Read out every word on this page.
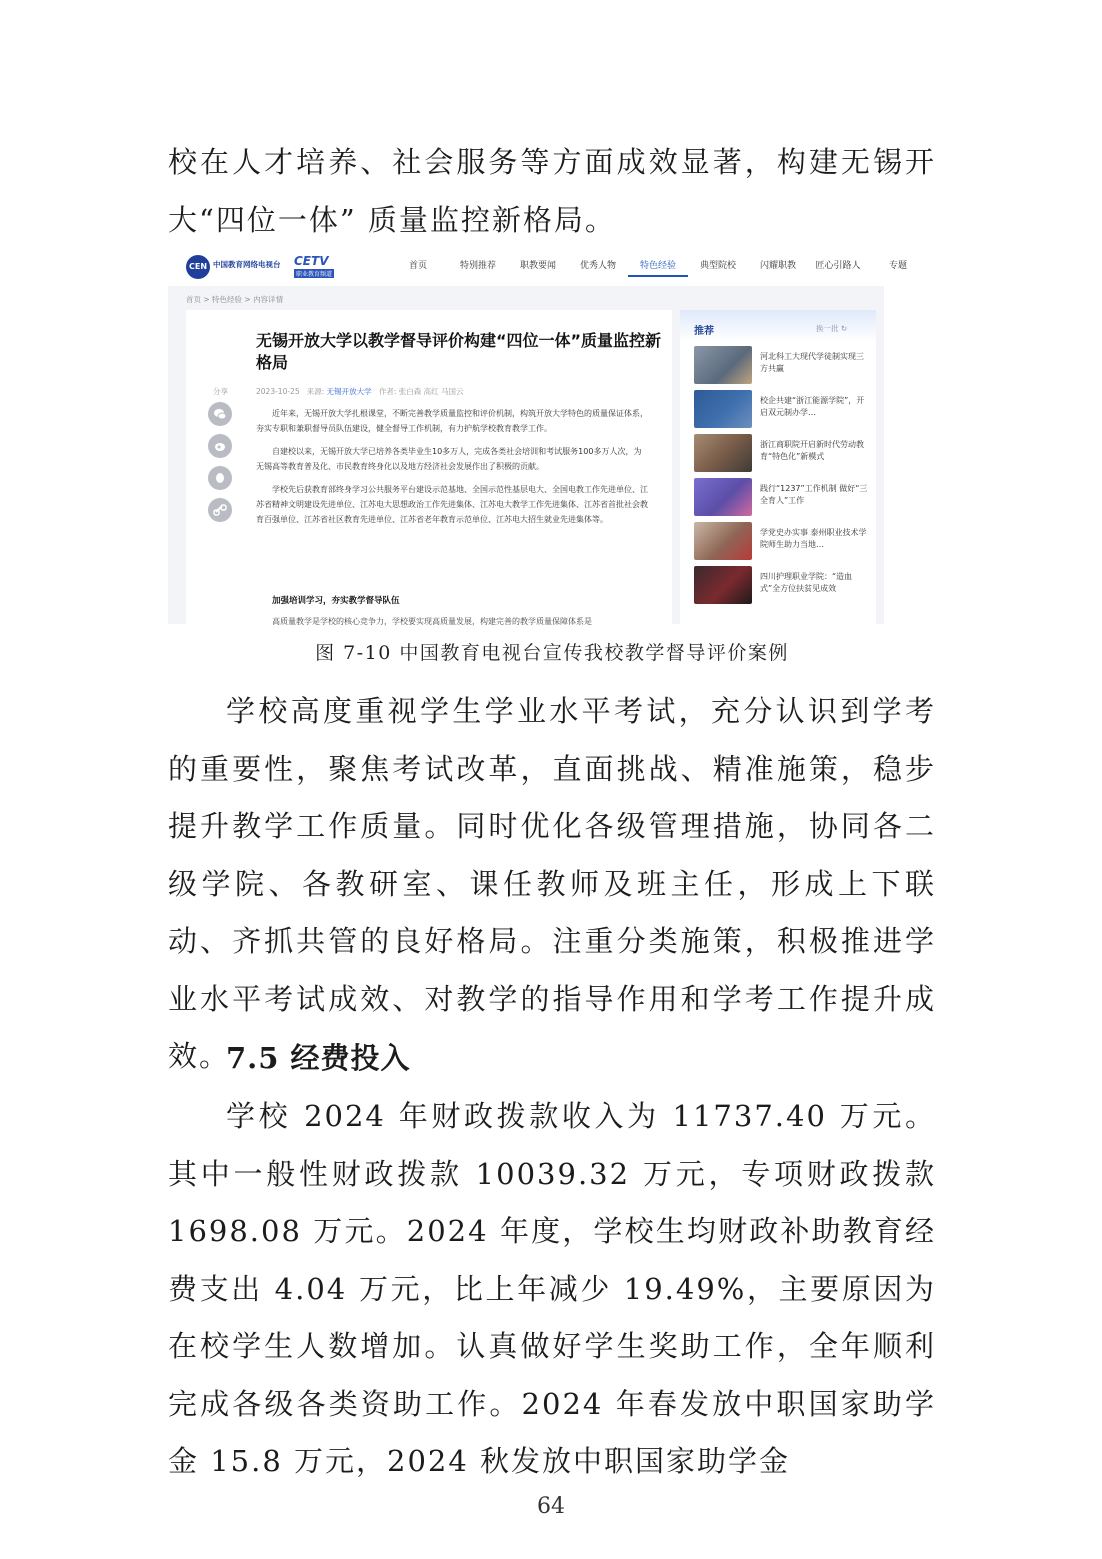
校在人才培养、社会服务等方面成效显著，构建无锡开大“四位一体” 质量监控新格局。

CEN 中国教育网络电视台 CETV
职业教育频道
首页	特别推荐	职教要闻	优秀人物	特色经验	典型院校	闪耀职教	匠心引路人	专题
首页 > 特色经验 > 内容详情
无锡开放大学以教学督导评价构建“四位一体”质量监控新格局
2023-10-25 来源: 无锡开放大学 作者: 张白森 高红 马国云
分享

近年来，无锡开放大学扎根课堂，不断完善教学质量监控和评价机制，构筑开放大学特色的质量保证体系，夯实专职和兼职督导员队伍建设，健全督导工作机制，有力护航学校教育教学工作。

自建校以来，无锡开放大学已培养各类毕业生10多万人，完成各类社会培训和考试服务100多万人次，为无锡高等教育普及化、市民教育终身化以及地方经济社会发展作出了积极的贡献。

学校先后获教育部终身学习公共服务平台建设示范基地、全国示范性基层电大、全国电教工作先进单位、江苏省精神文明建设先进单位、江苏电大思想政治工作先进集体、江苏电大教学工作先进集体、江苏省首批社会教育百强单位、江苏省社区教育先进单位、江苏省老年教育示范单位、江苏电大招生就业先进集体等。

加强培训学习，夯实教学督导队伍
高质量教学是学校的核心竞争力，学校要实现高质量发展，构建完善的教学质量保障体系是
推荐	换一批 ↻
河北科工大现代学徒制实现三方共赢
校企共建“浙江能源学院”，开启双元制办学…
浙江商职院开启新时代劳动教育“特色化”新模式
践行“1237”工作机制 做好“三全育人”工作
学党史办实事 泰州职业技术学院师生助力当地…
四川护理职业学院：“造血式”全方位扶贫见成效
图 7-10 中国教育电视台宣传我校教学督导评价案例

学校高度重视学生学业水平考试，充分认识到学考的重要性，聚焦考试改革，直面挑战、精准施策，稳步提升教学工作质量。同时优化各级管理措施，协同各二级学院、各教研室、课任教师及班主任，形成上下联动、齐抓共管的良好格局。注重分类施策，积极推进学业水平考试成效、对教学的指导作用和学考工作提升成效。

7.5 经费投入

学校 2024 年财政拨款收入为 11737.40 万元。其中一般性财政拨款 10039.32 万元，专项财政拨款 1698.08 万元。2024 年度，学校生均财政补助教育经费支出 4.04 万元，比上年减少 19.49%，主要原因为在校学生人数增加。认真做好学生奖助工作，全年顺利完成各级各类资助工作。2024 年春发放中职国家助学金 15.8 万元，2024 秋发放中职国家助学金

64
